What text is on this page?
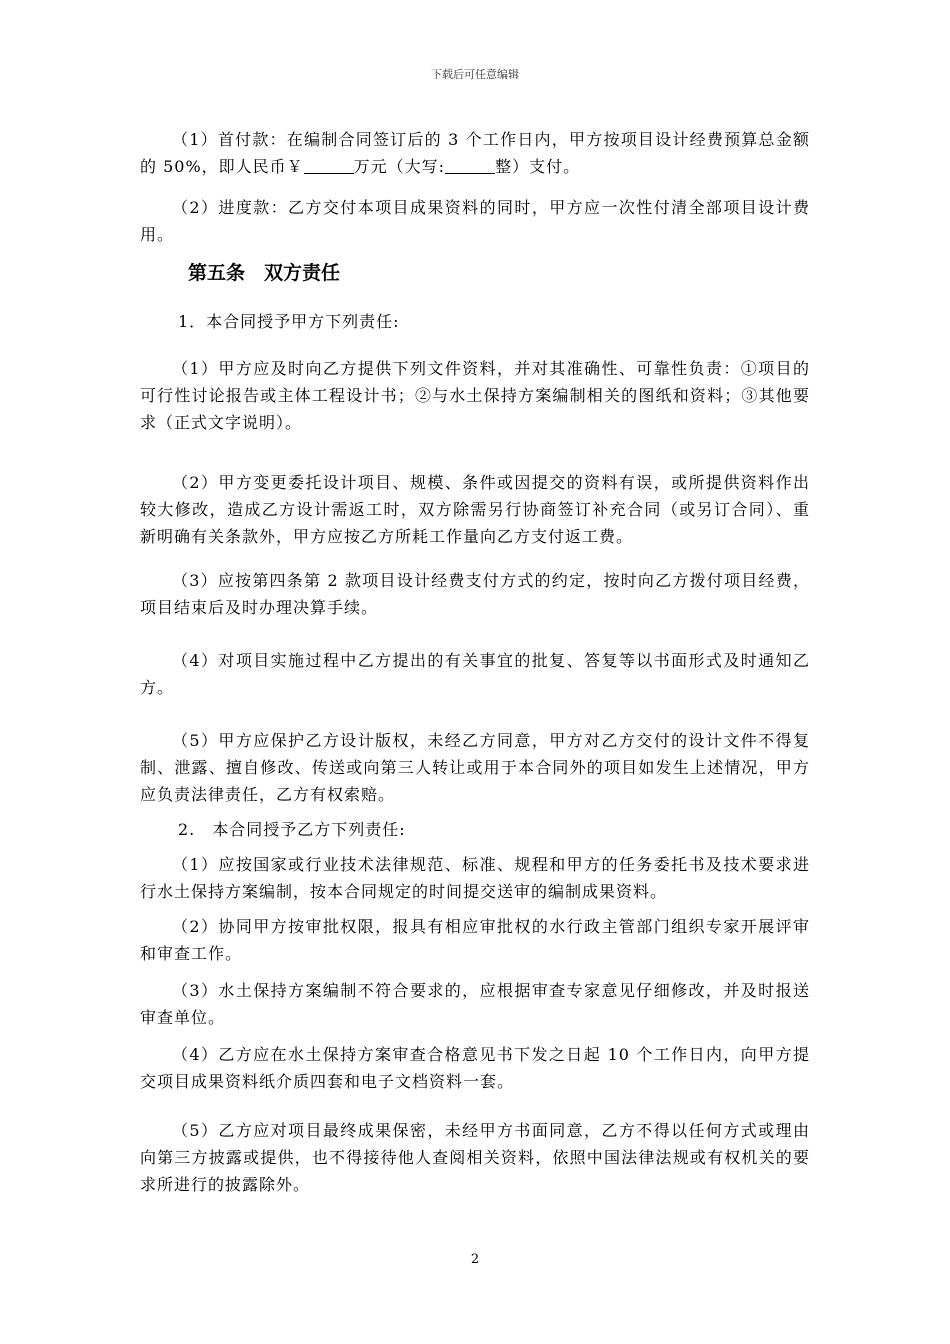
下载后可任意编辑

（1）首付款：在编制合同签订后的 3 个工作日内，甲方按项目设计经费预算总金额的 50%，即人民币￥	万元（大写:	整）支付。

（2）进度款：乙方交付本项目成果资料的同时，甲方应一次性付清全部项目设计费用。

第五条　双方责任

1．本合同授予甲方下列责任:

（1）甲方应及时向乙方提供下列文件资料，并对其准确性、可靠性负责：①项目的可行性讨论报告或主体工程设计书；②与水土保持方案编制相关的图纸和资料；③其他要求（正式文字说明）。

（2）甲方变更委托设计项目、规模、条件或因提交的资料有误，或所提供资料作出较大修改，造成乙方设计需返工时，双方除需另行协商签订补充合同（或另订合同）、重新明确有关条款外，甲方应按乙方所耗工作量向乙方支付返工费。

（3）应按第四条第 2 款项目设计经费支付方式的约定，按时向乙方拨付项目经费，项目结束后及时办理决算手续。

（4）对项目实施过程中乙方提出的有关事宜的批复、答复等以书面形式及时通知乙方。

（5）甲方应保护乙方设计版权，未经乙方同意，甲方对乙方交付的设计文件不得复制、泄露、擅自修改、传送或向第三人转让或用于本合同外的项目如发生上述情况，甲方应负责法律责任，乙方有权索赔。

2.　本合同授予乙方下列责任:

（1）应按国家或行业技术法律规范、标准、规程和甲方的任务委托书及技术要求进行水土保持方案编制，按本合同规定的时间提交送审的编制成果资料。

（2）协同甲方按审批权限，报具有相应审批权的水行政主管部门组织专家开展评审和审查工作。

（3）水土保持方案编制不符合要求的，应根据审查专家意见仔细修改，并及时报送审查单位。

（4）乙方应在水土保持方案审查合格意见书下发之日起 10 个工作日内，向甲方提交项目成果资料纸介质四套和电子文档资料一套。

（5）乙方应对项目最终成果保密，未经甲方书面同意，乙方不得以任何方式或理由向第三方披露或提供，也不得接待他人查阅相关资料，依照中国法律法规或有权机关的要求所进行的披露除外。

2
